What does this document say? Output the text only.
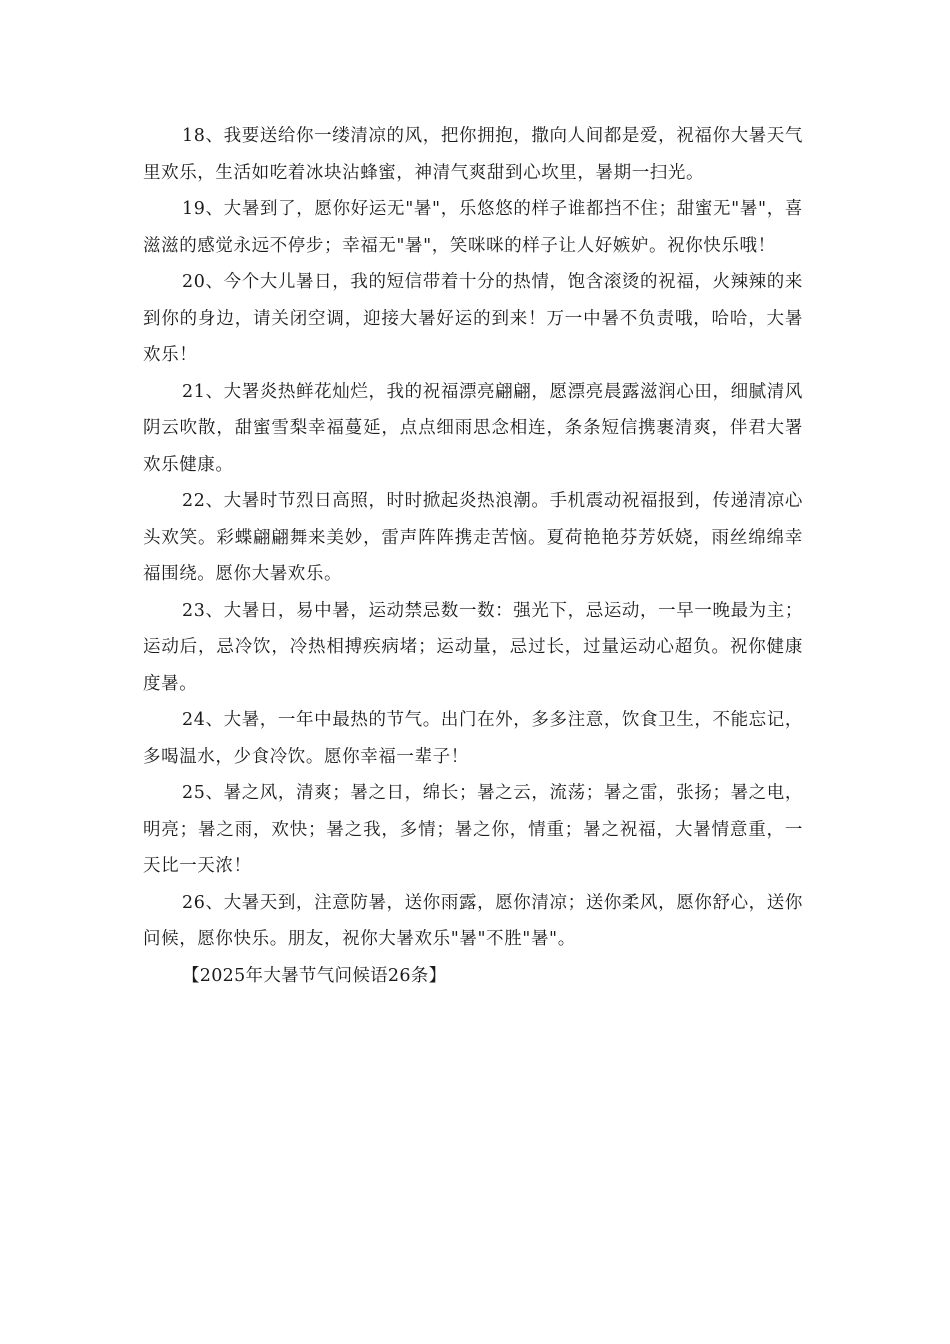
18、我要送给你一缕清凉的风，把你拥抱，撒向人间都是爱，祝福你大暑天气里欢乐，生活如吃着冰块沾蜂蜜，神清气爽甜到心坎里，暑期一扫光。

19、大暑到了，愿你好运无"暑"，乐悠悠的样子谁都挡不住；甜蜜无"暑"，喜滋滋的感觉永远不停步；幸福无"暑"，笑咪咪的样子让人好嫉妒。祝你快乐哦！

20、今个大儿暑日，我的短信带着十分的热情，饱含滚烫的祝福，火辣辣的来到你的身边，请关闭空调，迎接大暑好运的到来！万一中暑不负责哦，哈哈，大暑欢乐！

21、大署炎热鲜花灿烂，我的祝福漂亮翩翩，愿漂亮晨露滋润心田，细腻清风阴云吹散，甜蜜雪梨幸福蔓延，点点细雨思念相连，条条短信携裹清爽，伴君大署欢乐健康。

22、大暑时节烈日高照，时时掀起炎热浪潮。手机震动祝福报到，传递清凉心头欢笑。彩蝶翩翩舞来美妙，雷声阵阵携走苦恼。夏荷艳艳芬芳妖娆，雨丝绵绵幸福围绕。愿你大暑欢乐。

23、大暑日，易中暑，运动禁忌数一数：强光下，忌运动，一早一晚最为主；运动后，忌冷饮，冷热相搏疾病堵；运动量，忌过长，过量运动心超负。祝你健康度暑。

24、大暑，一年中最热的节气。出门在外，多多注意，饮食卫生，不能忘记，多喝温水，少食冷饮。愿你幸福一辈子！

25、暑之风，清爽；暑之日，绵长；暑之云，流荡；暑之雷，张扬；暑之电，明亮；暑之雨，欢快；暑之我，多情；暑之你，情重；暑之祝福，大暑情意重，一天比一天浓！

26、大暑天到，注意防暑，送你雨露，愿你清凉；送你柔风，愿你舒心，送你问候，愿你快乐。朋友，祝你大暑欢乐"暑"不胜"暑"。

【2025年大暑节气问候语26条】
